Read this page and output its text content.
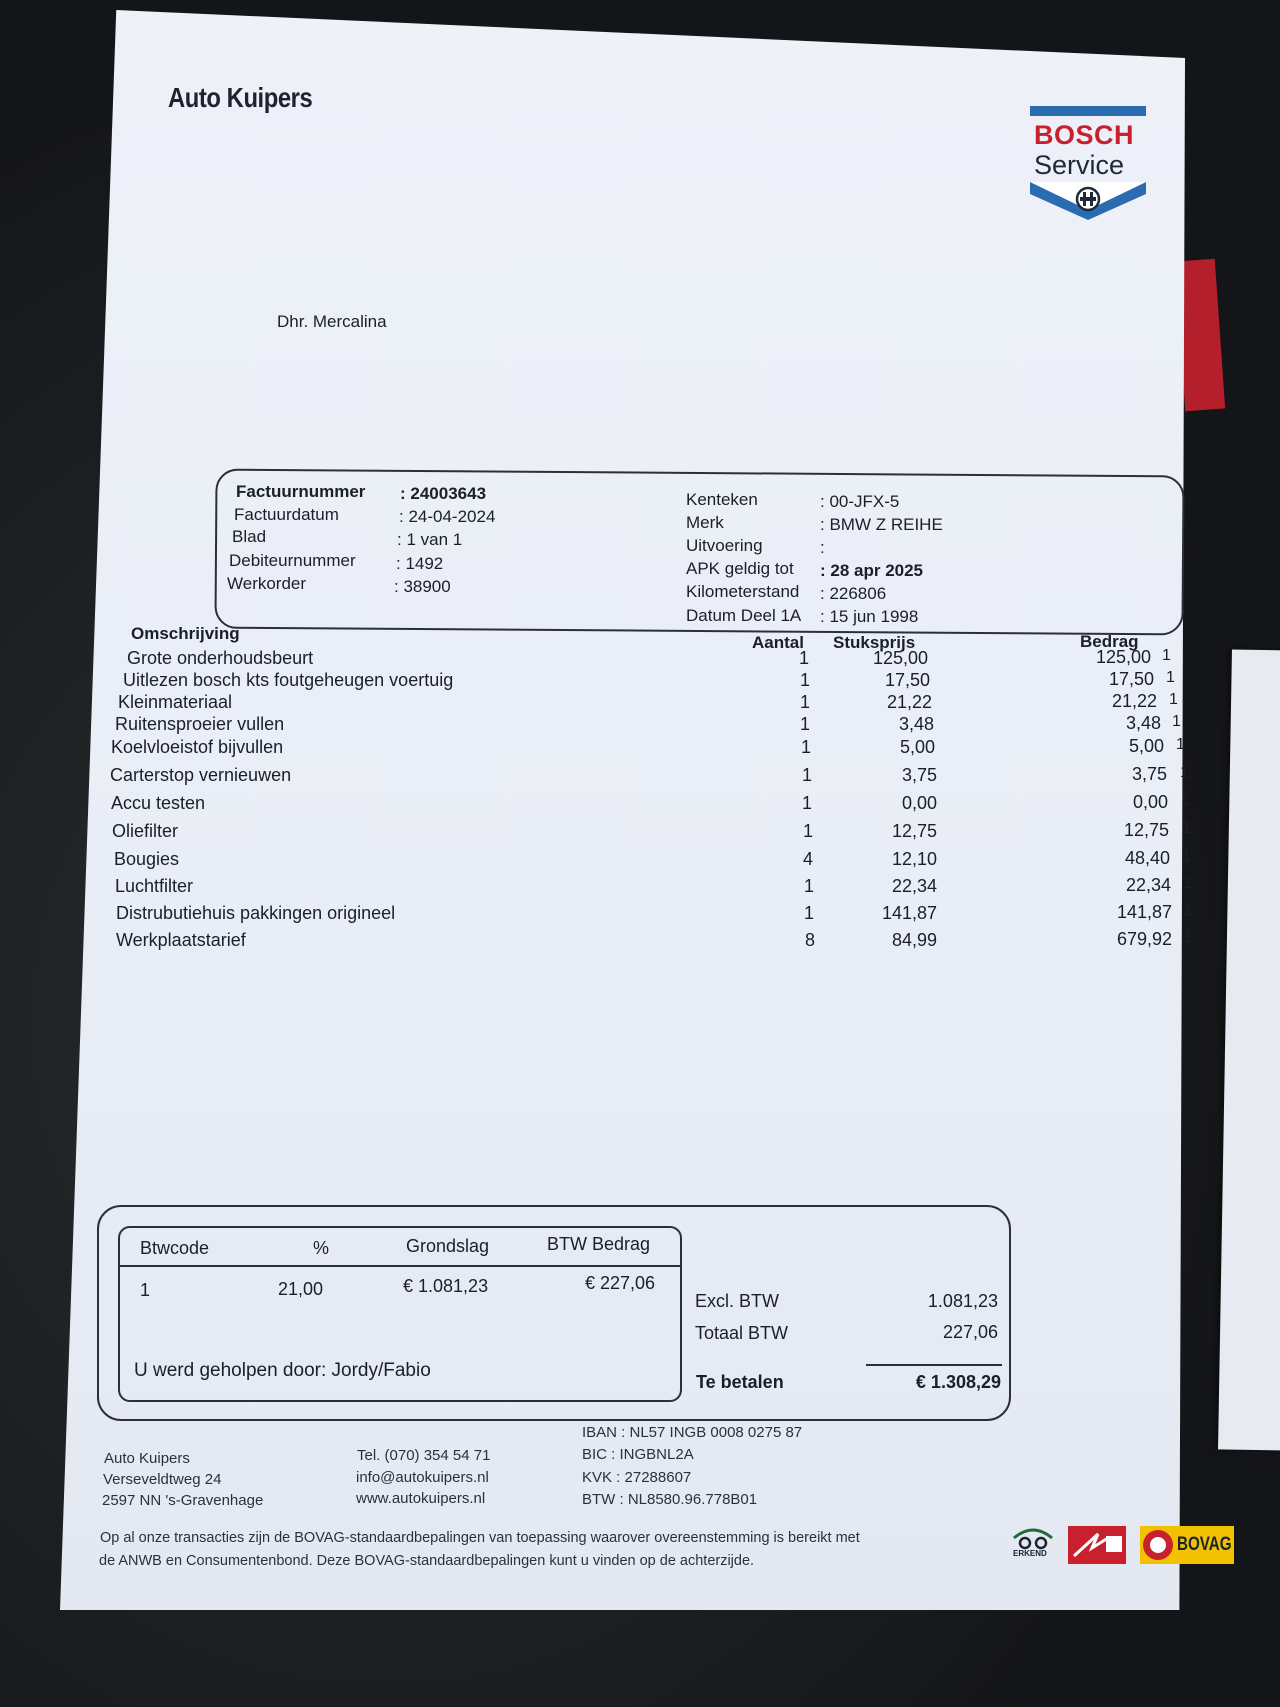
Auto Kuipers
BOSCH
Service
Dhr. Mercalina
Factuurnummer : 24003643
Factuurdatum	: 24-04-2024
Blad	: 1 van 1
Debiteurnummer : 1492
Werkorder	: 38900
Kenteken	: 00-JFX-5
Merk	: BMW Z REIHE
Uitvoering	:
APK geldig tot : 28 apr 2025
Kilometerstand : 226806
Datum Deel 1A : 15 jun 1998
Omschrijving	Aantal Stuksprijs	Bedrag
Grote onderhoudsbeurt	1	125,00	125,00 1
Uitlezen bosch kts foutgeheugen voertuig	1	17,50	17,50 1
Kleinmateriaal	1	21,22	21,22 1
Ruitensproeier vullen	1	3,48	3,48 1
Koelvloeistof bijvullen	1	5,00	5,00 1
Carterstop vernieuwen	1	3,75	3,75 1
Accu testen	1	0,00	0,00 1
Oliefilter	1	12,75	12,75 1
Bougies	4	12,10	48,40 1
Luchtfilter	1	22,34	22,34 1
Distrubutiehuis pakkingen origineel	1	141,87	141,87 1
Werkplaatstarief	8	84,99	679,92 1
Btwcode	%	Grondslag	BTW Bedrag
1	21,00	€ 1.081,23	€ 227,06
U werd geholpen door: Jordy/Fabio
Excl. BTW	1.081,23
Totaal BTW	227,06
Te betalen	€ 1.308,29
Auto Kuipers
Verseveldtweg 24
2597 NN 's-Gravenhage
Tel. (070) 354 54 71
info@autokuipers.nl
www.autokuipers.nl
IBAN : NL57 INGB 0008 0275 87
BIC : INGBNL2A
KVK : 27288607
BTW : NL8580.96.778B01
Op al onze transacties zijn de BOVAG-standaardbepalingen van toepassing waarover overeenstemming is bereikt met
de ANWB en Consumentenbond. Deze BOVAG-standaardbepalingen kunt u vinden op de achterzijde.	ERKEND	BOVAG
